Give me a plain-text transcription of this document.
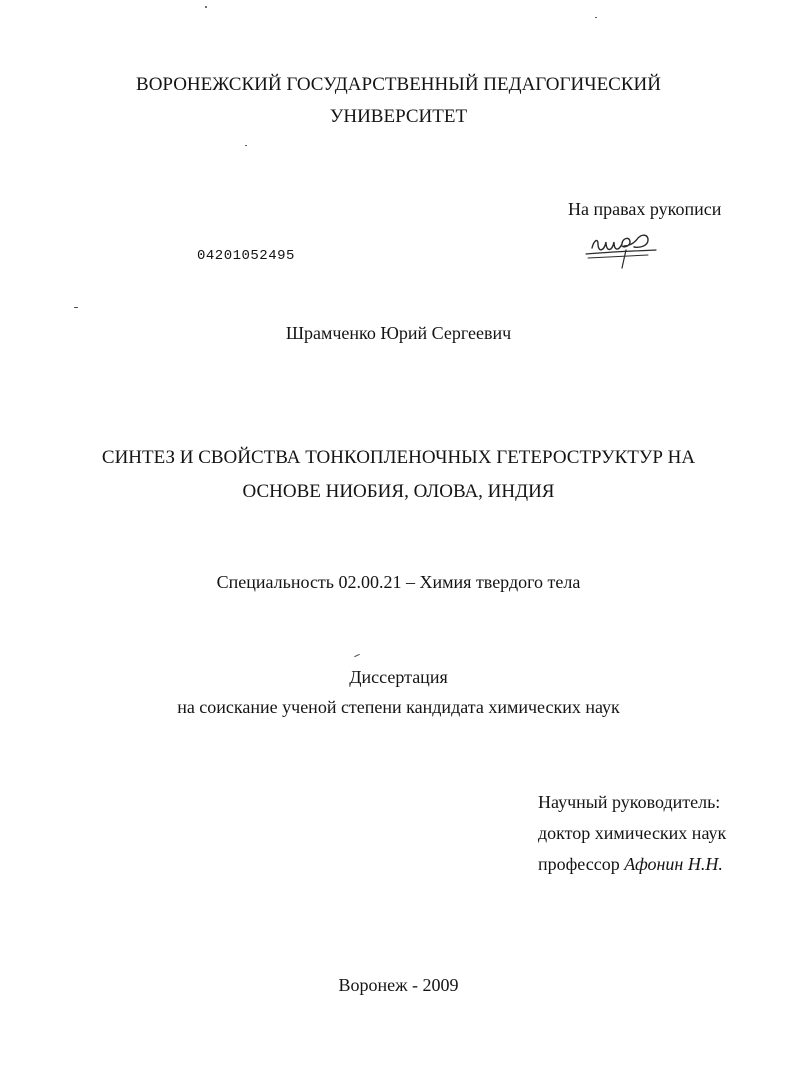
ВОРОНЕЖСКИЙ ГОСУДАРСТВЕННЫЙ ПЕДАГОГИЧЕСКИЙ
УНИВЕРСИТЕТ
На правах рукописи
04201052495
Шрамченко Юрий Сергеевич
СИНТЕЗ И СВОЙСТВА ТОНКОПЛЕНОЧНЫХ ГЕТЕРОСТРУКТУР НА
ОСНОВЕ НИОБИЯ, ОЛОВА, ИНДИЯ
Специальность 02.00.21 – Химия твердого тела
Диссертация
на соискание ученой степени кандидата химических наук
Научный руководитель:
доктор химических наук
профессор Афонин Н.Н.
Воронеж - 2009
